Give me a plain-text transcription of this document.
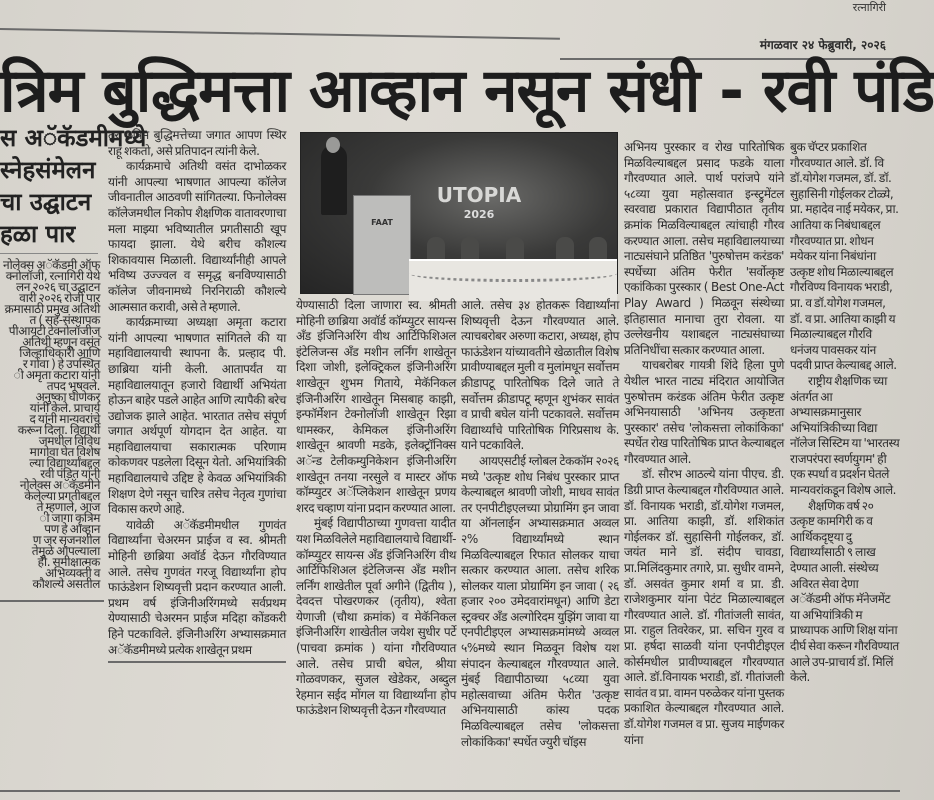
रत्नागिरी
मंगळवार २४ फेब्रुवारी, २०२६
त्रिम बुद्धिमत्ता आव्हान नसून संधी - रवी पंडि
स अॅकॅडमीमध्ये
स्नेहसंमेलन
चा उद्घाटन
हळा पार
नोलेक्स अॅकॅडमी ऑफ
क्नोलॉजी, रत्नागिरी येथे
लन २०२६ चा उद्घाटन
वारी २०२६ रोजी पार
क्रमासाठी प्रमुख अतिथी
त ( सह-संस्थापक
पीआयटी टेक्नोलॉजीज्
अतिथी म्हणून वसंत
जिल्हाधिकारी आणि
र गोवा ) हे उपस्थित
ी अमृता कटारा यांनी
तपद भूषवले.
अनुष्का घाणेकर
यांनी केले. प्राचार्य
द यांनी मान्यवरांचे
करून दिला. विद्यार्थी
जमधील विविध
मागोवा घेत विशेष
ल्या विद्यार्थ्यांबद्दल
रवी पंडित यांनी
नोलेक्स अॅकॅडमीने
केलेल्या प्रगतीबद्दल
ते म्हणाले, आज
ी जागा कृत्रिम
पण हे आव्हान
ण जर सृजनशील
तेमुळे आपल्याला
ही. समीक्षात्मक
अभिव्यक्ती व
कौशल्ये असतील

तर कृत्रिम बुद्धिमत्तेच्या जगात आपण स्थिर राहू शकतो, असे प्रतिपादन त्यांनी केले.

कार्यक्रमाचे अतिथी वसंत दाभोळकर यांनी आपल्या भाषणात आपल्या कॉलेज जीवनातील आठवणी सांगितल्या. फिनोलेक्स कॉलेजमधील निकोप शैक्षणिक वातावरणाचा मला माझ्या भविष्यातील प्रगतीसाठी खूप फायदा झाला. येथे बरीच कौशल्य शिकावयास मिळाली. विद्यार्थ्यांनीही आपले भविष्य उज्ज्वल व समृद्ध बनविण्यासाठी कॉलेज जीवनामध्ये निरनिराळी कौशल्ये आत्मसात करावी, असे ते म्हणाले.

कार्यक्रमाच्या अध्यक्षा अमृता कटारा यांनी आपल्या भाषणात सांगितले की या महाविद्यालयाची स्थापना कै. प्रल्हाद पी. छाब्रिया यांनी केली. आतापर्यंत या महाविद्यालयातून हजारो विद्यार्थी अभियंता होऊन बाहेर पडले आहेत आणि त्यापैकी बरेच उद्योजक झाले आहेत. भारतात तसेच संपूर्ण जगात अर्थपूर्ण योगदान देत आहेत. या महाविद्यालयाचा सकारात्मक परिणाम कोकणवर पडलेला दिसून येतो. अभियांत्रिकी महाविद्यालयाचे उद्दिष्ट हे केवळ अभियांत्रिकी शिक्षण देणे नसून चारित्र तसेच नेतृत्व गुणांचा विकास करणे आहे.

यावेळी अॅकॅडमीमधील गुणवंत विद्यार्थ्यांना चेअरमन प्राईज व स्व. श्रीमती मोहिनी छाब्रिया अवॉर्ड देऊन गौरविण्यात आले. तसेच गुणवंत गरजू विद्यार्थ्यांना होप फाऊंडेशन शिष्यवृत्ती प्रदान करण्यात आली. प्रथम वर्ष इंजिनीअरिंगमध्ये सर्वप्रथम येण्यासाठी चेअरमन प्राईज मदिहा कोंडकरी हिने पटकाविले. इंजिनीअरिंग अभ्यासक्रमात अॅकॅडमीमध्ये प्रत्येक शाखेतून प्रथम

FAAT
UTOPIA
2026

येण्यासाठी दिला जाणारा स्व. श्रीमती मोहिनी छाब्रिया अवॉर्ड कॉम्प्युटर सायन्स अँड इंजिनिअरिंग वीथ आर्टिफिशिअल इंटेलिजन्स अँड मशीन लर्निंग शाखेतून दिशा जोशी, इलेक्ट्रिकल इंजिनीअरिंग शाखेतून शुभम गिताये, मेकॅनिकल इंजिनीअरिंग शाखेतून मिसबाह काझी, इन्फॉर्मेशन टेक्नोलॉजी शाखेतून रिझा धामस्कर, केमिकल इंजिनीअरिंग शाखेतून श्रावणी मडके, इलेक्ट्रॉनिक्स अॅन्ड टेलीकम्युनिकेशन इंजिनीअरिंग शाखेतून तनया नरसुले व मास्टर ऑफ कॉम्प्युटर अॅप्लिकेशन शाखेतून प्रणय शरद चव्हाण यांना प्रदान करण्यात आला.

मुंबई विद्यापीठाच्या गुणवत्ता यादीत यश मिळविलेले महाविद्यालयाचे विद्यार्थी- कॉम्प्युटर सायन्स अँड इंजिनिअरिंग वीथ आर्टिफिशिअल इंटेलिजन्स अँड मशीन लर्निंग शाखेतील पूर्वा अगीने (द्वितीय ), देवदत्त पोखरणकर (तृतीय), श्वेता येणाजी (चौथा क्रमांक) व मेकॅनिकल इंजिनीअरिंग शाखेतील जयेश सुधीर पर्टे (पाचवा क्रमांक ) यांना गौरविण्यात आले. तसेच प्राची बघेल, श्रीया गोळवणकर, सुजल खेडेकर, अब्दुल रेहमान सईद मोंगल या विद्यार्थ्यांना होप फाऊंडेशन शिष्यवृत्ती देऊन गौरवण्यात

आले. तसेच ३४ होतकरू विद्यार्थ्यांना शिष्यवृत्ती देऊन गौरवण्यात आले. त्याचबरोबर अरुणा कटारा, अध्यक्ष, होप फाऊंडेशन यांच्यावतीने खेळातील विशेष प्रावीण्याबद्दल मुली व मुलांमधून सर्वोत्तम क्रीडापटू पारितोषिक दिले जाते ते सर्वोत्तम क्रीडापटू म्हणून शुभंकर सावंत व प्राची बघेल यांनी पटकावले. सर्वोत्तम विद्यार्थ्यांचे पारितोषिक गिरिप्रसाथ के. याने पटकाविले.

आयएसटीई ग्लोबल टेककॉम २०२६ मध्ये 'उत्कृष्ट शोध निबंध पुरस्कार प्राप्त केल्याबद्दल श्रावणी जोशी, माधव सावंत तर एनपीटीइएलच्या प्रोग्रामिंग इन जावा या ऑनलाईन अभ्यासक्रमात अव्वल २% विद्यार्थ्यांमध्ये स्थान मिळविल्याबद्दल रिफात सोलकर याचा सत्कार करण्यात आला. तसेच शरिक सोलकर याला प्रोग्रामिंग इन जावा ( २६ हजार २०० उमेदवारांमधून) आणि डेटा स्ट्रक्चर अँड अल्गोरिदम युझिंग जावा या एनपीटीइएल अभ्यासक्रमांमध्ये अव्वल ५%मध्ये स्थान मिळवून विशेष यश संपादन केल्याबद्दल गौरवण्यात आले. मुंबई विद्यापीठाच्या ५८व्या युवा महोत्सवाच्या अंतिम फेरीत 'उत्कृष्ट अभिनयासाठी कांस्य पदक मिळविल्याबद्दल तसेच 'लोकसत्ता लोकांकिका' स्पर्धेत ज्युरी चॉइस

अभिनय पुरस्कार व रोख पारितोषिक मिळविल्याबद्दल प्रसाद फडके याला गौरवण्यात आले. पार्थ परांजपे यांने ५८व्या युवा महोत्सवात इन्स्ट्रुमेंटल स्वरवाद्य प्रकारात विद्यापीठात तृतीय क्रमांक मिळविल्याबद्दल त्यांचाही गौरव करण्यात आला. तसेच महाविद्यालयाच्या नाट्यसंघाने प्रतिष्ठित 'पुरुषोत्तम करंडक' स्पर्धेच्या अंतिम फेरीत 'सर्वोत्कृष्ट एकांकिका पुरस्कार ( Best One-Act Play Award ) मिळवून संस्थेच्या इतिहासात मानाचा तुरा रोवला. या उल्लेखनीय यशाबद्दल नाट्यसंघाच्या प्रतिनिधींचा सत्कार करण्यात आला.

याचबरोबर गायत्री शिंदे हिला पुणे येथील भारत नाट्य मंदिरात आयोजित पुरुषोत्तम करंडक अंतिम फेरीत उत्कृष्ट अभिनयासाठी 'अभिनय उत्कृष्टता पुरस्कार' तसेच 'लोकसत्ता लोकांकिका' स्पर्धेत रोख पारितोषिक प्राप्त केल्याबद्दल गौरवण्यात आले.

डॉ. सौरभ आठल्ये यांना पीएच. डी. डिग्री प्राप्त केल्याबद्दल गौरविण्यात आले. डॉ. विनायक भराडी, डॉ.योगेश गजमल, प्रा. आतिया काझी, डॉ. शशिकांत गोईलकर डॉ. सुहासिनी गोईलकर, डॉ. जयंत माने डॉ. संदीप चावडा, प्रा.मिलिंदकुमार तगारे, प्रा. सुधीर वामने, डॉ. असवंत कुमार शर्मा व प्रा. डी. राजेशकुमार यांना पेटंट मिळाल्याबद्दल गौरवण्यात आले. डॉ. गीतांजली सावंत, प्रा. राहुल तिवरेकर, प्रा. सचिन गुरव व प्रा. हर्षदा साळवी यांना एनपीटीइएल कोर्समधील प्रावीण्याबद्दल गौरवण्यात आले. डॉ.विनायक भराडी, डॉ. गीतांजली सावंत व प्रा. वामन परुळेकर यांना पुस्तक प्रकाशित केल्याबद्दल गौरवण्यात आले. डॉ.योगेश गजमल व प्रा. सुजय माईणकर यांना

बुक चॅप्टर प्रकाशित गौरवण्यात आले. डॉ. वि डॉ.योगेश गजमल, डॉ. डॉ. सुहासिनी गोईलकर टोळ्ये, प्रा. महादेव नाई मयेकर, प्रा. आतिया क निबंधाबद्दल गौरवण्यात प्रा. शोधन मयेकर यांना निबंधांना उत्कृष्ट शोध मिळाल्याबद्दल गौरविण्य विनायक भराडी, प्रा. व डॉ.योगेश गजमल, डॉ. व प्रा. आतिया काझी य मिळाल्याबद्दल गौरवि धनंजय पावसकर यांन पदवी प्राप्त केल्याबद्द आले.

राष्ट्रीय शैक्षणिक च्या अंतर्गत आ अभ्यासक्रमानुसार अभियांत्रिकीच्या विद्या नॉलेज सिस्टिम या 'भारतस्य राजपरंपरा स्वर्णयुगम' ही एक स्पर्धा व प्रदर्शन घेतले मान्यवरांकडून विशेष आले.

शैक्षणिक वर्ष २० उत्कृष्ट कामगिरी क व आर्थिकदृष्ट्या दु विद्यार्थ्यांसाठी ९ लाख देण्यात आली. संस्थेच्य अविरत सेवा देणा अॅकॅडमी ऑफ मॅनेजमेंट या अभियांत्रिकी म प्राध्यापक आणि शिक्ष यांना दीर्घ सेवा करून गौरविण्यात आले उप-प्राचार्य डॉ. मिलिं केले.
